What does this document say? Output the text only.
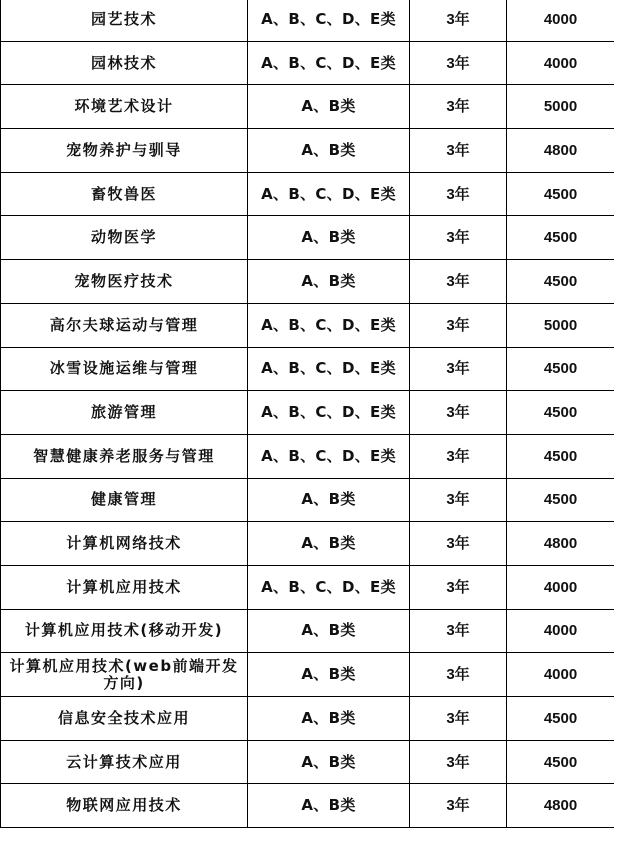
园艺技术	A、B、C、D、E类	3年	4000
园林技术	A、B、C、D、E类	3年	4000
环境艺术设计	A、B类	3年	5000
宠物养护与驯导	A、B类	3年	4800
畜牧兽医	A、B、C、D、E类	3年	4500
动物医学	A、B类	3年	4500
宠物医疗技术	A、B类	3年	4500
高尔夫球运动与管理	A、B、C、D、E类	3年	5000
冰雪设施运维与管理	A、B、C、D、E类	3年	4500
旅游管理	A、B、C、D、E类	3年	4500
智慧健康养老服务与管理	A、B、C、D、E类	3年	4500
健康管理	A、B类	3年	4500
计算机网络技术	A、B类	3年	4800
计算机应用技术	A、B、C、D、E类	3年	4000
计算机应用技术(移动开发)	A、B类	3年	4000
计算机应用技术(web前端开发方向)	A、B类	3年	4000
信息安全技术应用	A、B类	3年	4500
云计算技术应用	A、B类	3年	4500
物联网应用技术	A、B类	3年	4800
